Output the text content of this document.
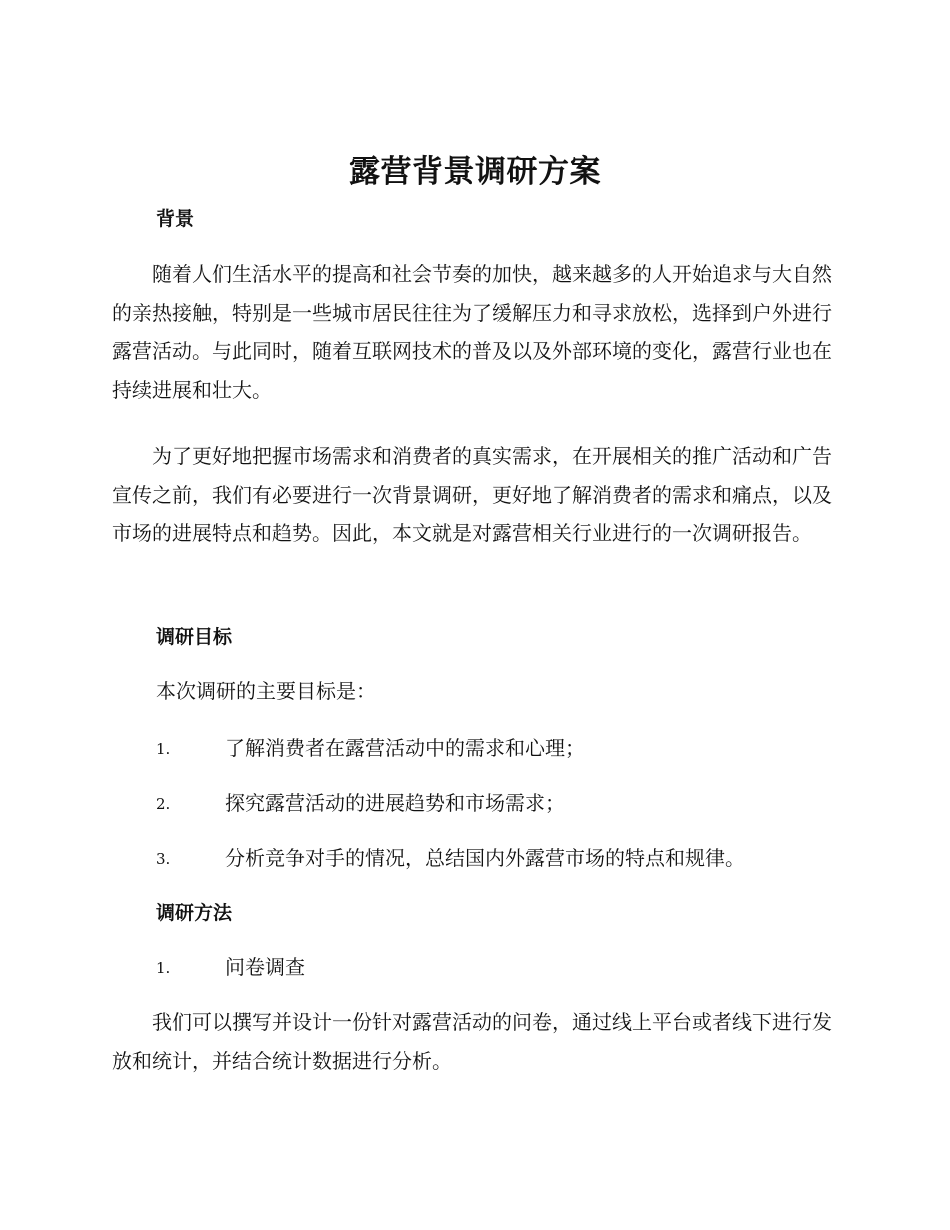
露营背景调研方案
背景

随着人们生活水平的提高和社会节奏的加快，越来越多的人开始追求与大自然的亲热接触，特别是一些城市居民往往为了缓解压力和寻求放松，选择到户外进行露营活动。与此同时，随着互联网技术的普及以及外部环境的变化，露营行业也在持续进展和壮大。

为了更好地把握市场需求和消费者的真实需求，在开展相关的推广活动和广告宣传之前，我们有必要进行一次背景调研，更好地了解消费者的需求和痛点，以及市场的进展特点和趋势。因此，本文就是对露营相关行业进行的一次调研报告。

调研目标

本次调研的主要目标是：

1.	了解消费者在露营活动中的需求和心理；
2.	探究露营活动的进展趋势和市场需求；
3.	分析竞争对手的情况，总结国内外露营市场的特点和规律。
调研方法
1.	问卷调查

我们可以撰写并设计一份针对露营活动的问卷，通过线上平台或者线下进行发放和统计，并结合统计数据进行分析。
